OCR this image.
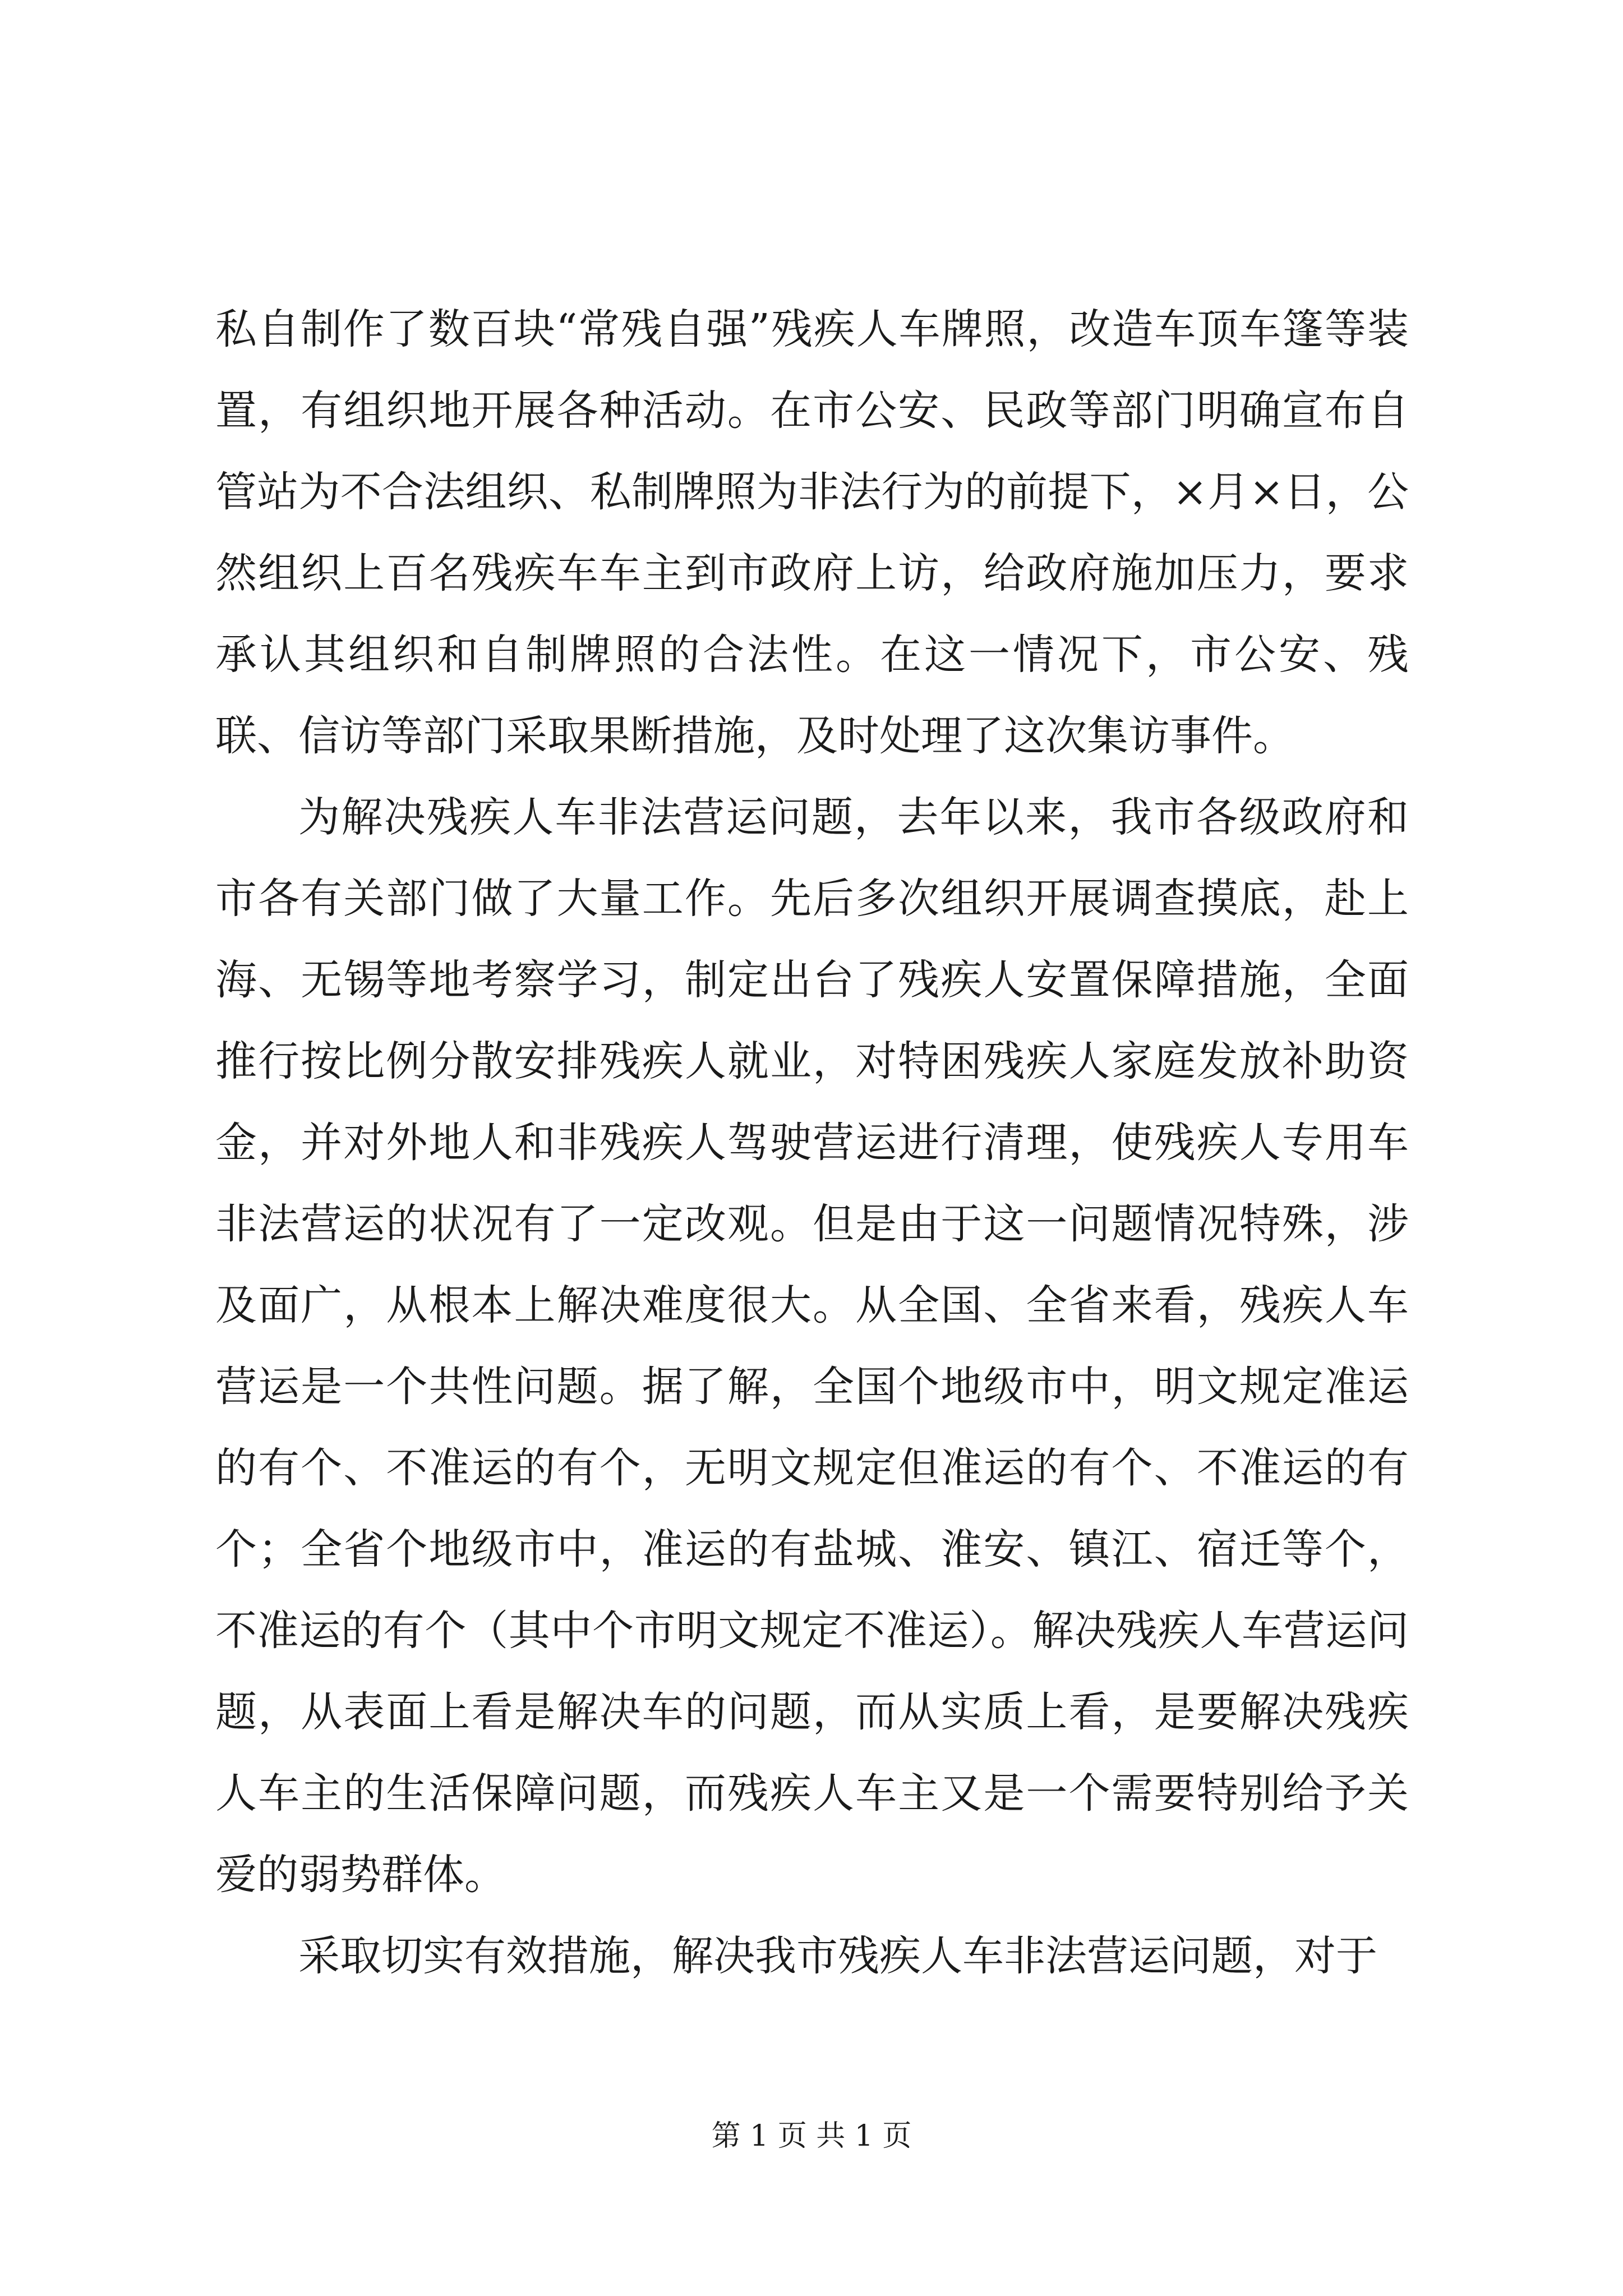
私自制作了数百块“常残自强”残疾人车牌照，改造车顶车篷等装置，有组织地开展各种活动。在市公安、民政等部门明确宣布自管站为不合法组织、私制牌照为非法行为的前提下，×月×日，公然组织上百名残疾车车主到市政府上访，给政府施加压力，要求承认其组织和自制牌照的合法性。在这一情况下，市公安、残联、信访等部门采取果断措施，及时处理了这次集访事件。

为解决残疾人车非法营运问题，去年以来，我市各级政府和市各有关部门做了大量工作。先后多次组织开展调查摸底，赴上海、无锡等地考察学习，制定出台了残疾人安置保障措施，全面推行按比例分散安排残疾人就业，对特困残疾人家庭发放补助资金，并对外地人和非残疾人驾驶营运进行清理，使残疾人专用车非法营运的状况有了一定改观。但是由于这一问题情况特殊，涉及面广，从根本上解决难度很大。从全国、全省来看，残疾人车营运是一个共性问题。据了解，全国个地级市中，明文规定准运的有个、不准运的有个，无明文规定但准运的有个、不准运的有个；全省个地级市中，准运的有盐城、淮安、镇江、宿迁等个，不准运的有个（其中个市明文规定不准运）。解决残疾人车营运问题，从表面上看是解决车的问题，而从实质上看，是要解决残疾人车主的生活保障问题，而残疾人车主又是一个需要特别给予关爱的弱势群体。

采取切实有效措施，解决我市残疾人车非法营运问题，对于

第 1 页 共 1 页
